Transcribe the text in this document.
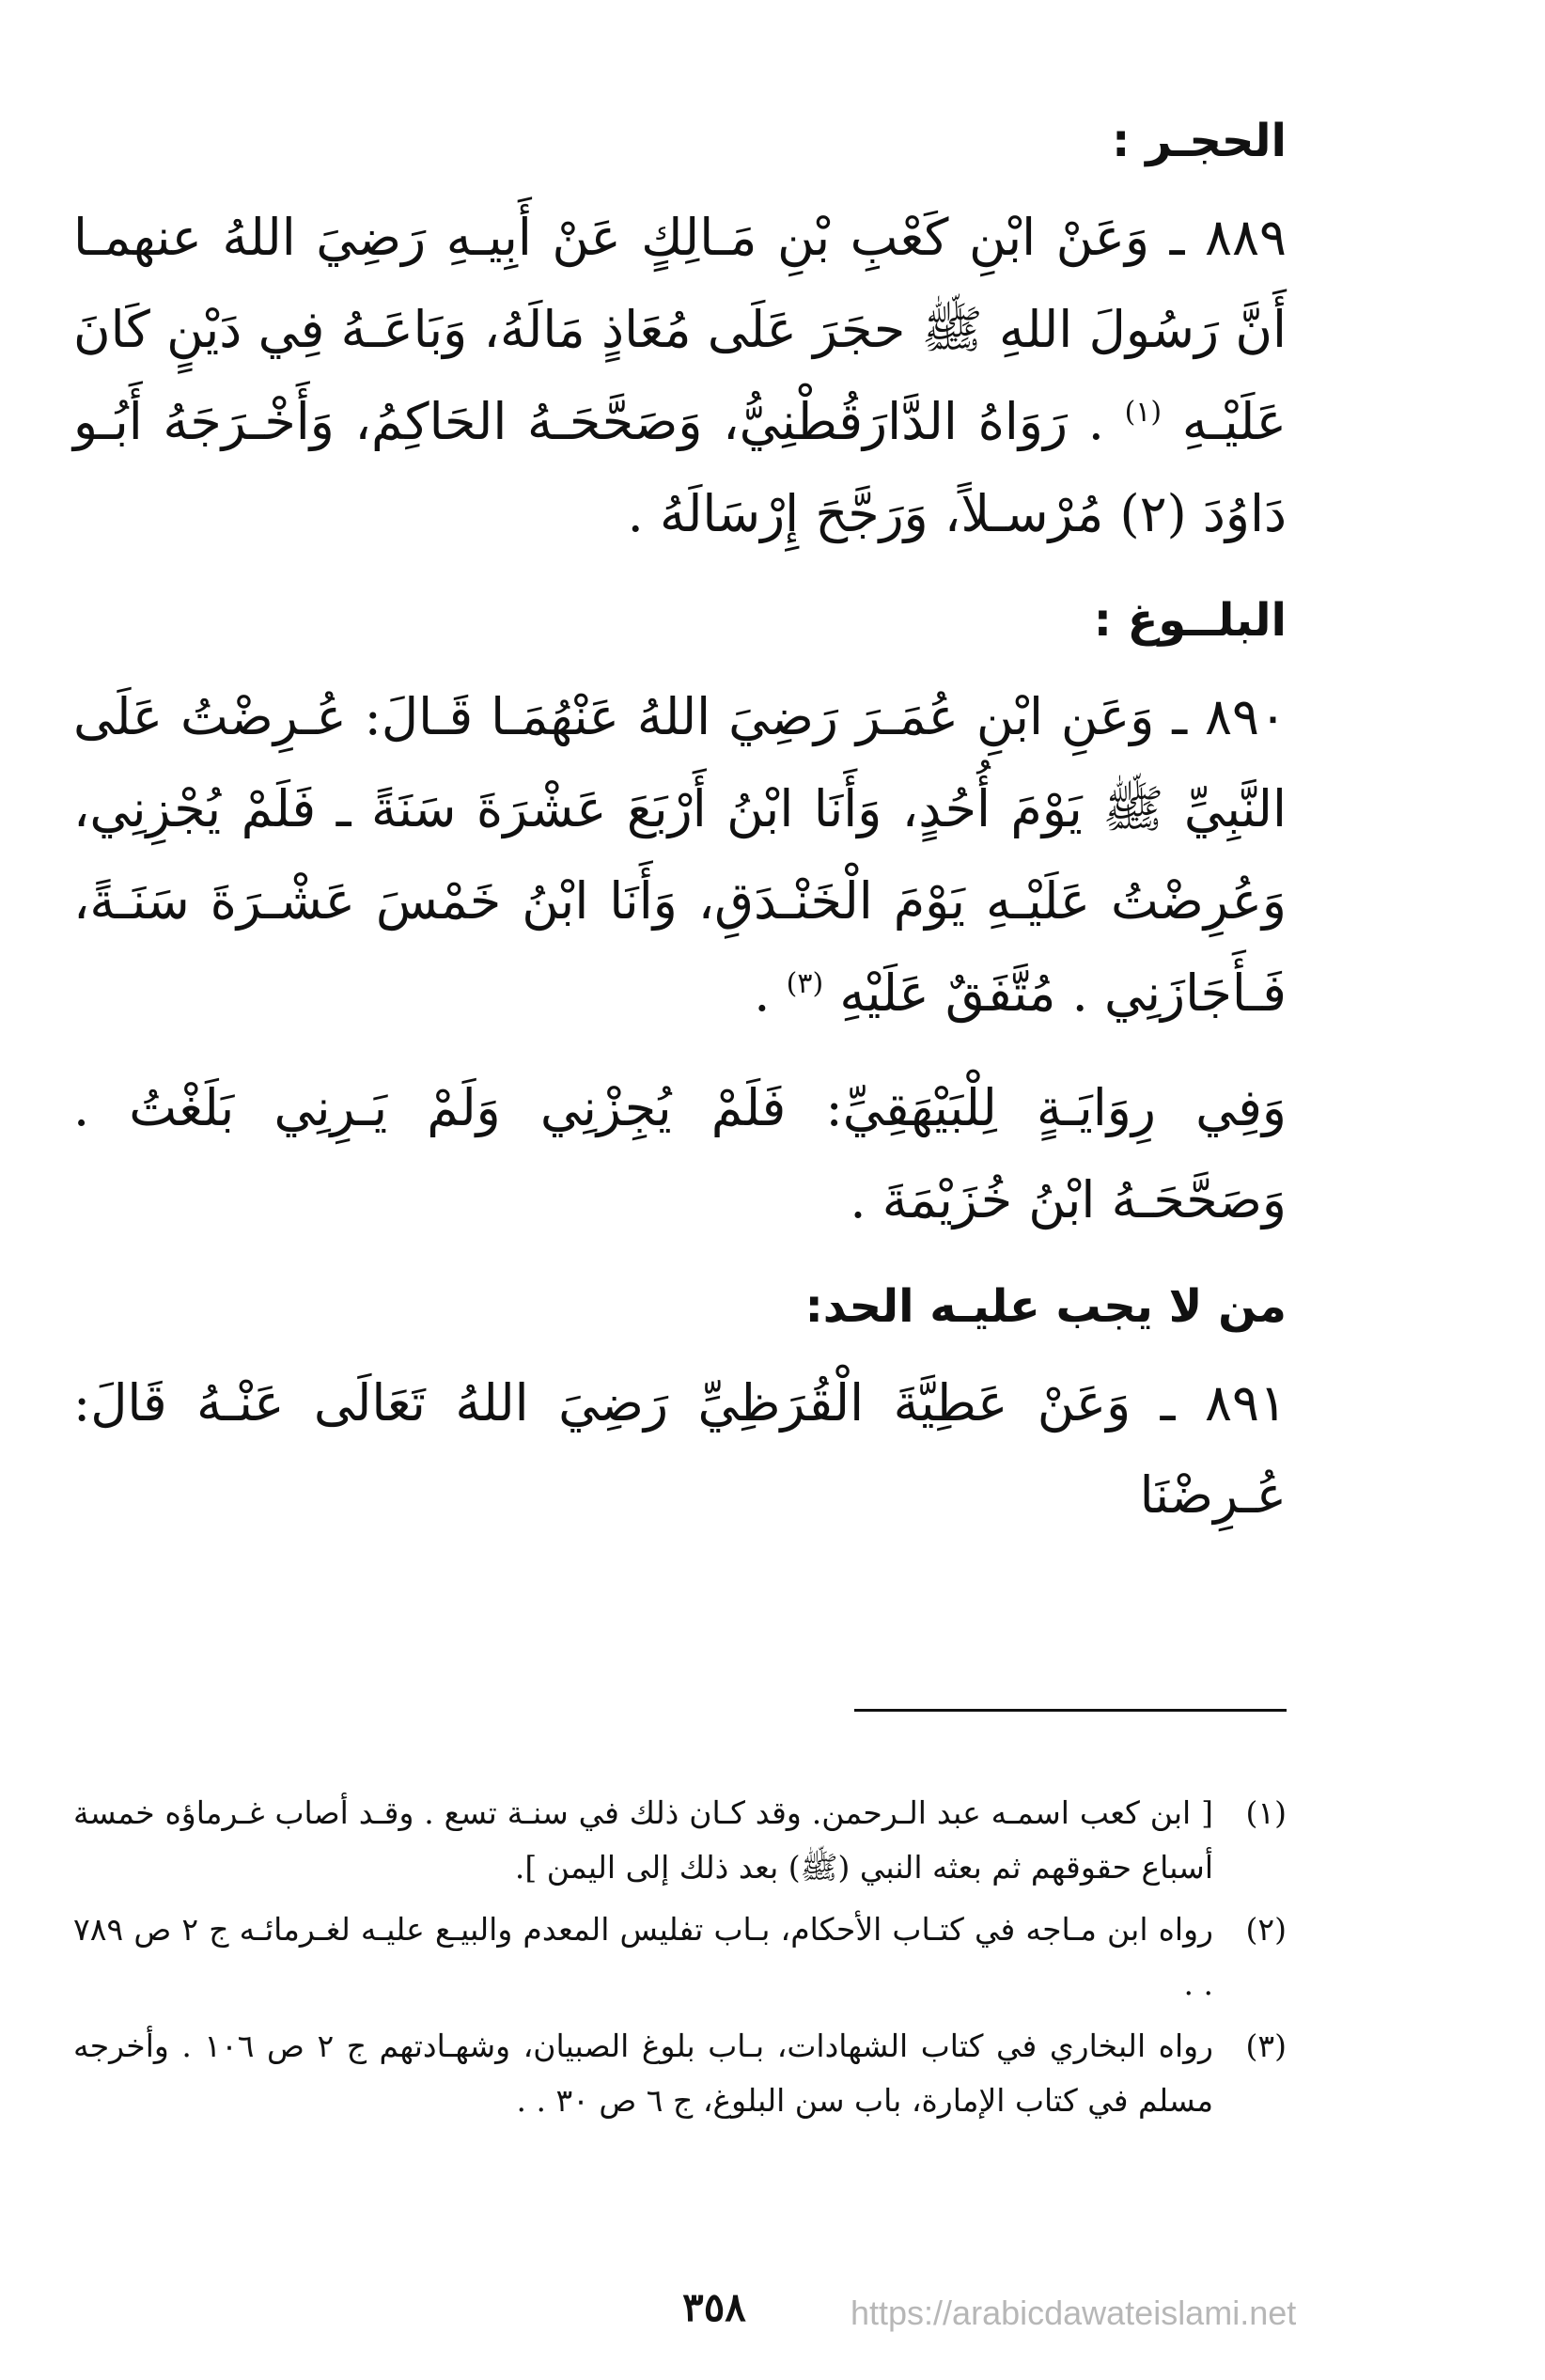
الحجـر :

٨٨٩ ـ وَعَنْ ابْنِ كَعْبِ بْنِ مَـالِكٍ عَنْ أَبِيـهِ رَضِيَ اللهُ عنهمـا أَنَّ رَسُولَ اللهِ ﷺ حجَرَ عَلَى مُعَاذٍ مَالَهُ، وَبَاعَـهُ فِي دَيْنٍ كَانَ عَلَيْـهِ $^{(١)}$ . رَوَاهُ الدَّارَقُطْنِيُّ، وَصَحَّحَـهُ الحَاكِمُ، وَأَخْـرَجَهُ أَبُـو دَاوُدَ (٢) مُرْسـلاً، وَرَجَّحَ إِرْسَالَهُ .

البلــوغ :

٨٩٠ ـ وَعَنِ ابْنِ عُمَـرَ رَضِيَ اللهُ عَنْهُمَـا قَـالَ: عُـرِضْتُ عَلَى النَّبِيِّ ﷺ يَوْمَ أُحُدٍ، وَأَنَا ابْنُ أَرْبَعَ عَشْرَةَ سَنَةً ـ فَلَمْ يُجْزِنِي، وَعُرِضْتُ عَلَيْـهِ يَوْمَ الْخَنْـدَقِ، وَأَنَا ابْنُ خَمْسَ عَشْـرَةَ سَنَـةً، فَـأَجَازَنِي . مُتَّفَقٌ عَلَيْهِ $^{(٣)}$ .

وَفِي رِوَايَـةٍ لِلْبَيْهَقِيِّ: فَلَمْ يُجِزْنِي وَلَمْ يَـرِنِي بَلَغْتُ . وَصَحَّحَـهُ ابْنُ خُزَيْمَةَ .

من لا يجب عليـه الحد:

٨٩١ ـ وَعَنْ عَطِيَّةَ الْقُرَظِيِّ رَضِيَ اللهُ تَعَالَى عَنْـهُ قَالَ: عُـرِضْنَا

(١)
[ ابن كعب اسمـه عبد الـرحمن. وقد كـان ذلك في سنـة تسع . وقـد أصاب غـرماؤه خمسة أسباع حقوقهم ثم بعثه النبي (ﷺ) بعد ذلك إلى اليمن ].
(٢)
رواه ابن مـاجه في كتـاب الأحكام، بـاب تفليس المعدم والبيـع عليـه لغـرمائـه ج ٢ ص ٧٨٩ . .
(٣)
رواه البخاري في كتاب الشهادات، بـاب بلوغ الصبيان، وشهـادتهم ج ٢ ص ١٠٦ . وأخرجه مسلم في كتاب الإمارة، باب سن البلوغ، ج ٦ ص ٣٠ . .
٣٥٨	https://arabicdawateislami.net
